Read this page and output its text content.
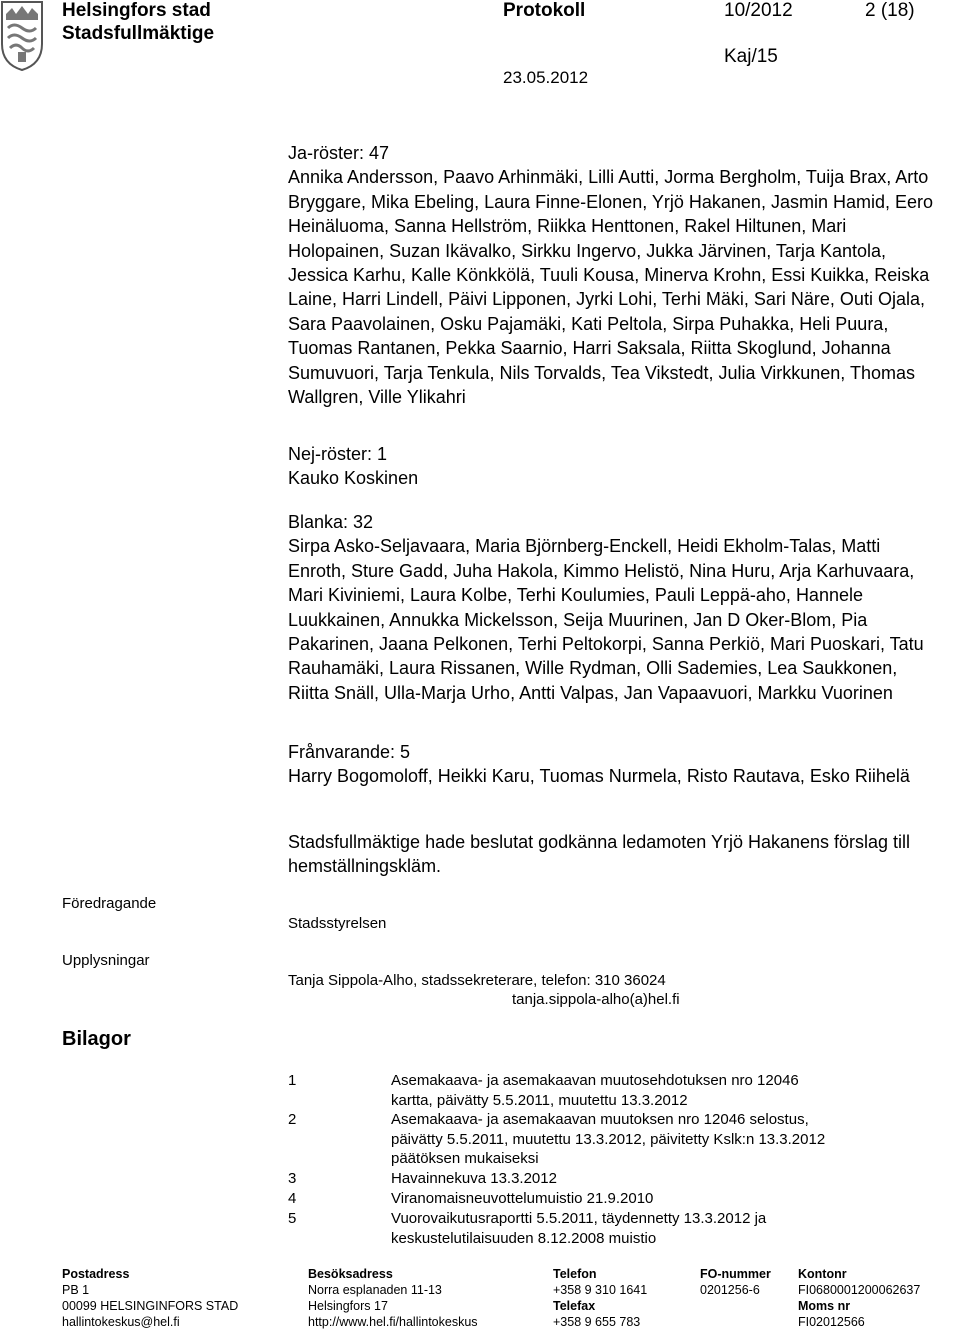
Helsingfors stad
Stadsfullmäktige
Protokoll	10/2012	2 (18)
Kaj/15
23.05.2012

Ja-röster: 47

Annika Andersson, Paavo Arhinmäki, Lilli Autti, Jorma Bergholm, Tuija Brax, Arto Bryggare, Mika Ebeling, Laura Finne-Elonen, Yrjö Hakanen, Jasmin Hamid, Eero Heinäluoma, Sanna Hellström, Riikka Henttonen, Rakel Hiltunen, Mari Holopainen, Suzan Ikävalko, Sirkku Ingervo, Jukka Järvinen, Tarja Kantola, Jessica Karhu, Kalle Könkkölä, Tuuli Kousa, Minerva Krohn, Essi Kuikka, Reiska Laine, Harri Lindell, Päivi Lipponen, Jyrki Lohi, Terhi Mäki, Sari Näre, Outi Ojala, Sara Paavolainen, Osku Pajamäki, Kati Peltola, Sirpa Puhakka, Heli Puura, Tuomas Rantanen, Pekka Saarnio, Harri Saksala, Riitta Skoglund, Johanna Sumuvuori, Tarja Tenkula, Nils Torvalds, Tea Vikstedt, Julia Virkkunen, Thomas Wallgren, Ville Ylikahri

Nej-röster: 1

Kauko Koskinen

Blanka: 32

Sirpa Asko-Seljavaara, Maria Björnberg-Enckell, Heidi Ekholm-Talas, Matti Enroth, Sture Gadd, Juha Hakola, Kimmo Helistö, Nina Huru, Arja Karhuvaara, Mari Kiviniemi, Laura Kolbe, Terhi Koulumies, Pauli Leppä-aho, Hannele Luukkainen, Annukka Mickelsson, Seija Muurinen, Jan D Oker-Blom, Pia Pakarinen, Jaana Pelkonen, Terhi Peltokorpi, Sanna Perkiö, Mari Puoskari, Tatu Rauhamäki, Laura Rissanen, Wille Rydman, Olli Sademies, Lea Saukkonen, Riitta Snäll, Ulla-Marja Urho, Antti Valpas, Jan Vapaavuori, Markku Vuorinen

Frånvarande: 5

Harry Bogomoloff, Heikki Karu, Tuomas Nurmela, Risto Rautava, Esko Riihelä

Stadsfullmäktige hade beslutat godkänna ledamoten Yrjö Hakanens förslag till hemställningskläm.
Föredragande
Stadsstyrelsen
Upplysningar
Tanja Sippola-Alho, stadssekreterare, telefon: 310 36024
tanja.sippola-alho(a)hel.fi
Bilagor
1	Asemakaava- ja asemakaavan muutosehdotuksen nro 12046 kartta, päivätty 5.5.2011, muutettu 13.3.2012
2	Asemakaava- ja asemakaavan muutoksen nro 12046 selostus, päivätty 5.5.2011, muutettu 13.3.2012, päivitetty Kslk:n 13.3.2012 päätöksen mukaiseksi
3	Havainnekuva 13.3.2012
4	Viranomaisneuvottelumuistio 21.9.2010
5	Vuorovaikutusraportti 5.5.2011, täydennetty 13.3.2012 ja keskustelutilaisuuden 8.12.2008 muistio
Postadress
PB 1
00099 HELSINGINFORS STAD
hallintokeskus@hel.fi
Besöksadress
Norra esplanaden 11-13
Helsingfors 17
http://www.hel.fi/hallintokeskus
Telefon
+358 9 310 1641
Telefax
+358 9 655 783
FO-nummer
0201256-6
Kontonr
FI0680001200062637
Moms nr
FI02012566
